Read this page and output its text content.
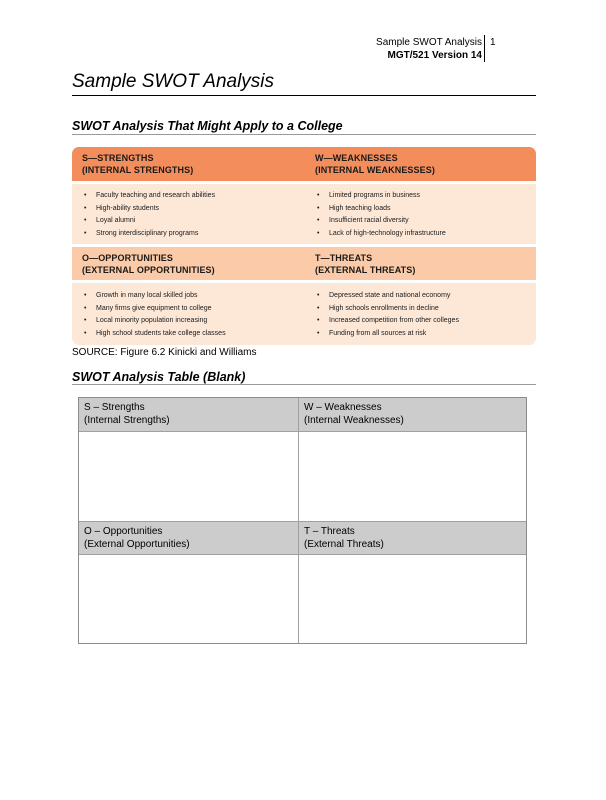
Sample SWOT Analysis
MGT/521 Version 14
1
Sample SWOT Analysis
SWOT Analysis That Might Apply to a College
S—STRENGTHS
(INTERNAL STRENGTHS)
• Faculty teaching and research abilities
• High-ability students
• Loyal alumni
• Strong interdisciplinary programs
W—WEAKNESSES
(INTERNAL WEAKNESSES)
• Limited programs in business
• High teaching loads
• Insufficient racial diversity
• Lack of high-technology infrastructure
O—OPPORTUNITIES
(EXTERNAL OPPORTUNITIES)
• Growth in many local skilled jobs
• Many firms give equipment to college
• Local minority population increasing
• High school students take college classes
T—THREATS
(EXTERNAL THREATS)
• Depressed state and national economy
• High schools enrollments in decline
• Increased competition from other colleges
• Funding from all sources at risk
SOURCE: Figure 6.2 Kinicki and Williams
SWOT Analysis Table (Blank)
S – Strengths
(Internal Strengths)
W – Weaknesses
(Internal Weaknesses)
O – Opportunities
(External Opportunities)
T – Threats
(External Threats)
